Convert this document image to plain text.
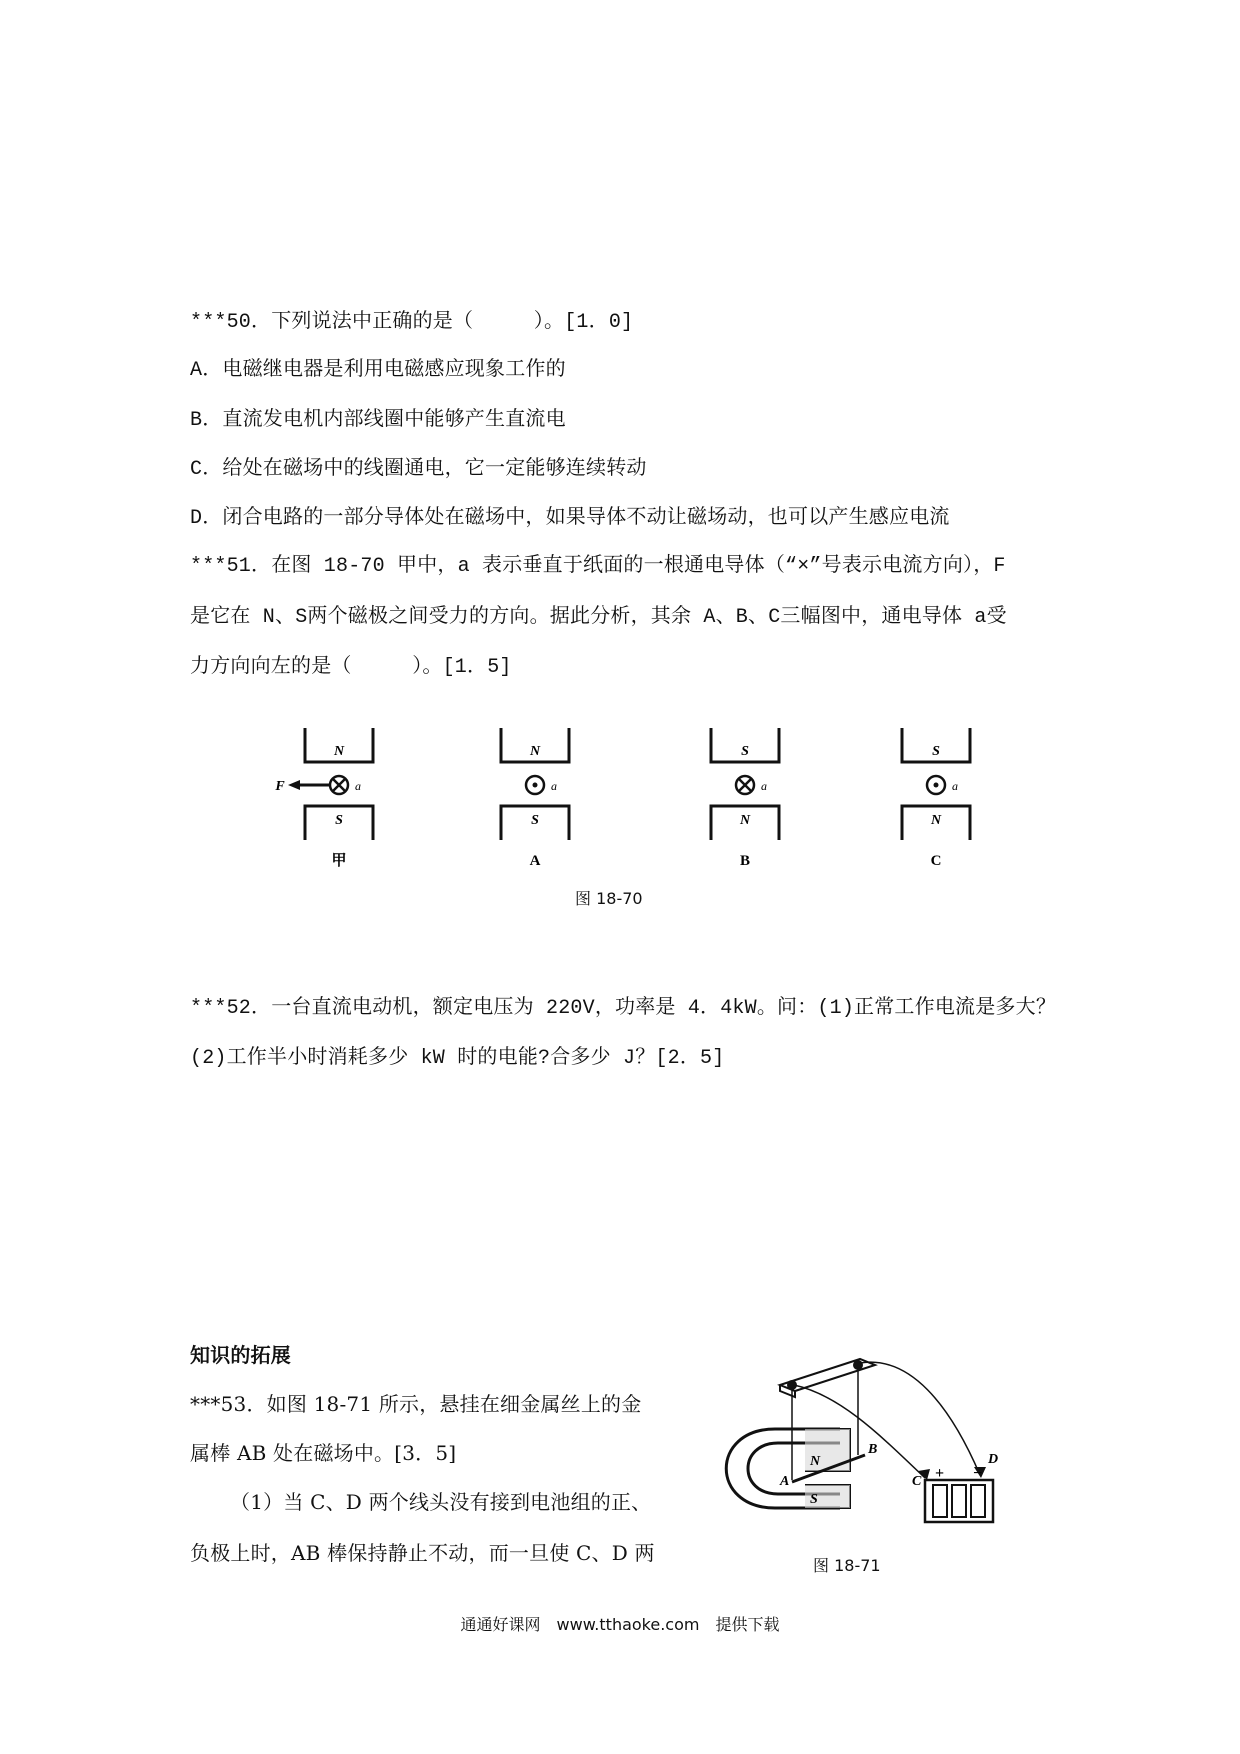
***50．下列说法中正确的是（　　　）。[1．0]
A．电磁继电器是利用电磁感应现象工作的
B．直流发电机内部线圈中能够产生直流电
C．给处在磁场中的线圈通电，它一定能够连续转动
D．闭合电路的一部分导体处在磁场中，如果导体不动让磁场动，也可以产生感应电流
***51．在图 18-70 甲中，a 表示垂直于纸面的一根通电导体（“×”号表示电流方向），F
是它在 N、S两个磁极之间受力的方向。据此分析，其余 A、B、C三幅图中，通电导体 a受
力方向向左的是（　　　）。[1．5]
N
F	a
S
甲
N
a
S
A
S
a
N
B
S
a
N
C
图 18-70
***52．一台直流电动机，额定电压为 220V，功率是 4．4kW。问：(1)正常工作电流是多大？
(2)工作半小时消耗多少 kW 时的电能?合多少 J？[2．5]
知识的拓展
***53．如图 18-71 所示，悬挂在细金属丝上的金
属棒 AB 处在磁场中。[3．5]
（1）当 C、D 两个线头没有接到电池组的正、
负极上时，AB 棒保持静止不动，而一旦使 C、D 两
N
S
A
B
+ −
C
D
图 18-71
通通好课网　www.tthaoke.com　提供下载
